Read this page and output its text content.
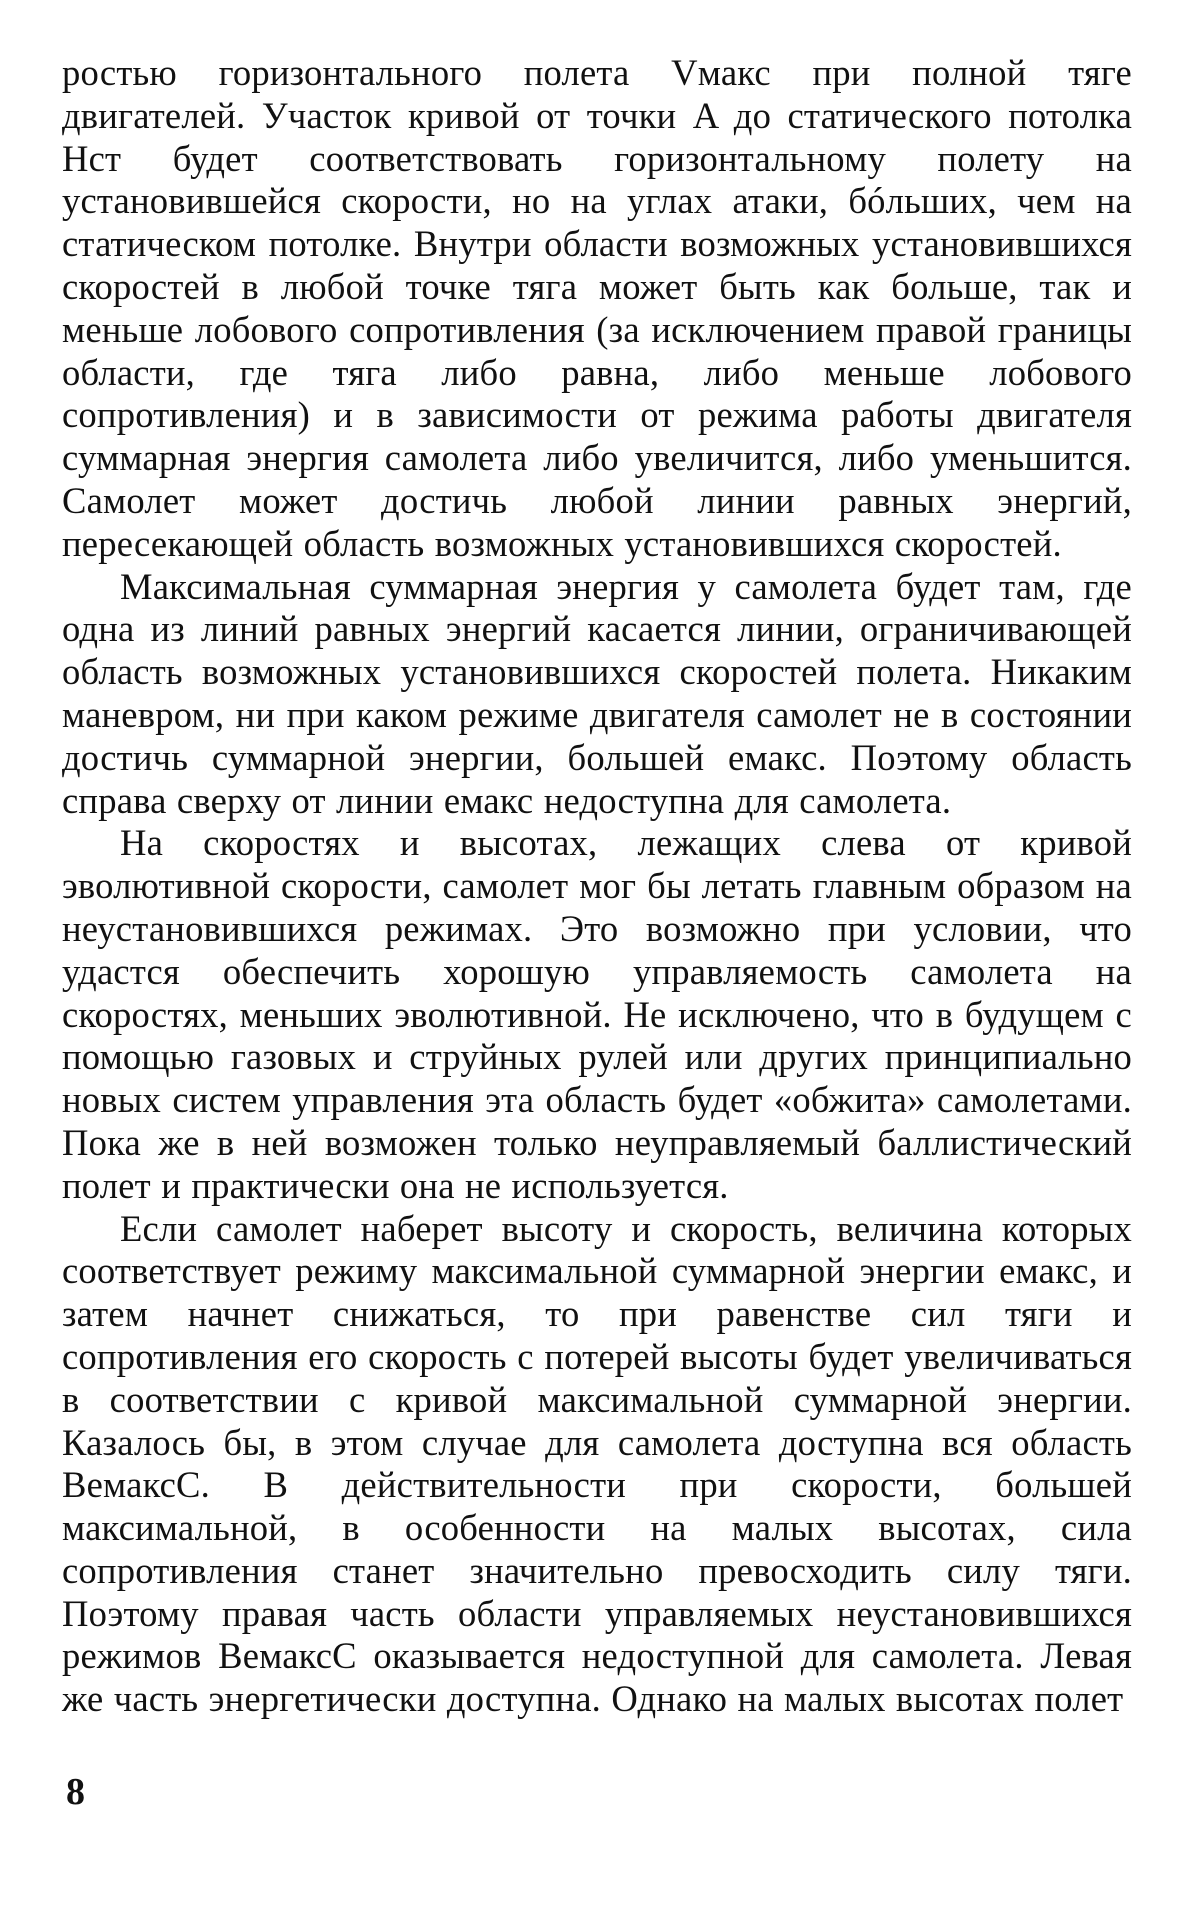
ростью горизонтального полета Vмакс при полной тяге двигателей. Участок кривой от точки A до статического потолка Hст будет соответствовать горизонтальному полету на установившейся скорости, но на углах атаки, бóльших, чем на статическом потолке. Внутри области возможных установившихся скоростей в любой точке тяга может быть как больше, так и меньше лобового сопротивления (за исключением правой границы области, где тяга либо равна, либо меньше лобового сопротивления) и в зависимости от режима работы двигателя суммарная энергия самолета либо увеличится, либо уменьшится. Самолет может достичь любой линии равных энергий, пересекающей область возможных установившихся скоростей.

Максимальная суммарная энергия у самолета будет там, где одна из линий равных энергий касается линии, ограничивающей область возможных установившихся скоростей полета. Никаким маневром, ни при каком режиме двигателя самолет не в состоянии достичь суммарной энергии, большей eмакс. Поэтому область справа сверху от линии eмакс недоступна для самолета.

На скоростях и высотах, лежащих слева от кривой эволютивной скорости, самолет мог бы летать главным образом на неустановившихся режимах. Это возможно при условии, что удастся обеспечить хорошую управляемость самолета на скоростях, меньших эволютивной. Не исключено, что в будущем с помощью газовых и струйных рулей или других принципиально новых систем управления эта область будет «обжита» самолетами. Пока же в ней возможен только неуправляемый баллистический полет и практически она не используется.

Если самолет наберет высоту и скорость, величина которых соответствует режиму максимальной суммарной энергии eмакс, и затем начнет снижаться, то при равенстве сил тяги и сопротивления его скорость с потерей высоты будет увеличиваться в соответствии с кривой максимальной суммарной энергии. Казалось бы, в этом случае для самолета доступна вся область BeмаксC. В действительности при скорости, большей максимальной, в особенности на малых высотах, сила сопротивления станет значительно превосходить силу тяги. Поэтому правая часть области управляемых неустановившихся режимов BeмаксC оказывается недоступной для самолета. Левая же часть энергетически доступна. Однако на малых высотах полет

8
